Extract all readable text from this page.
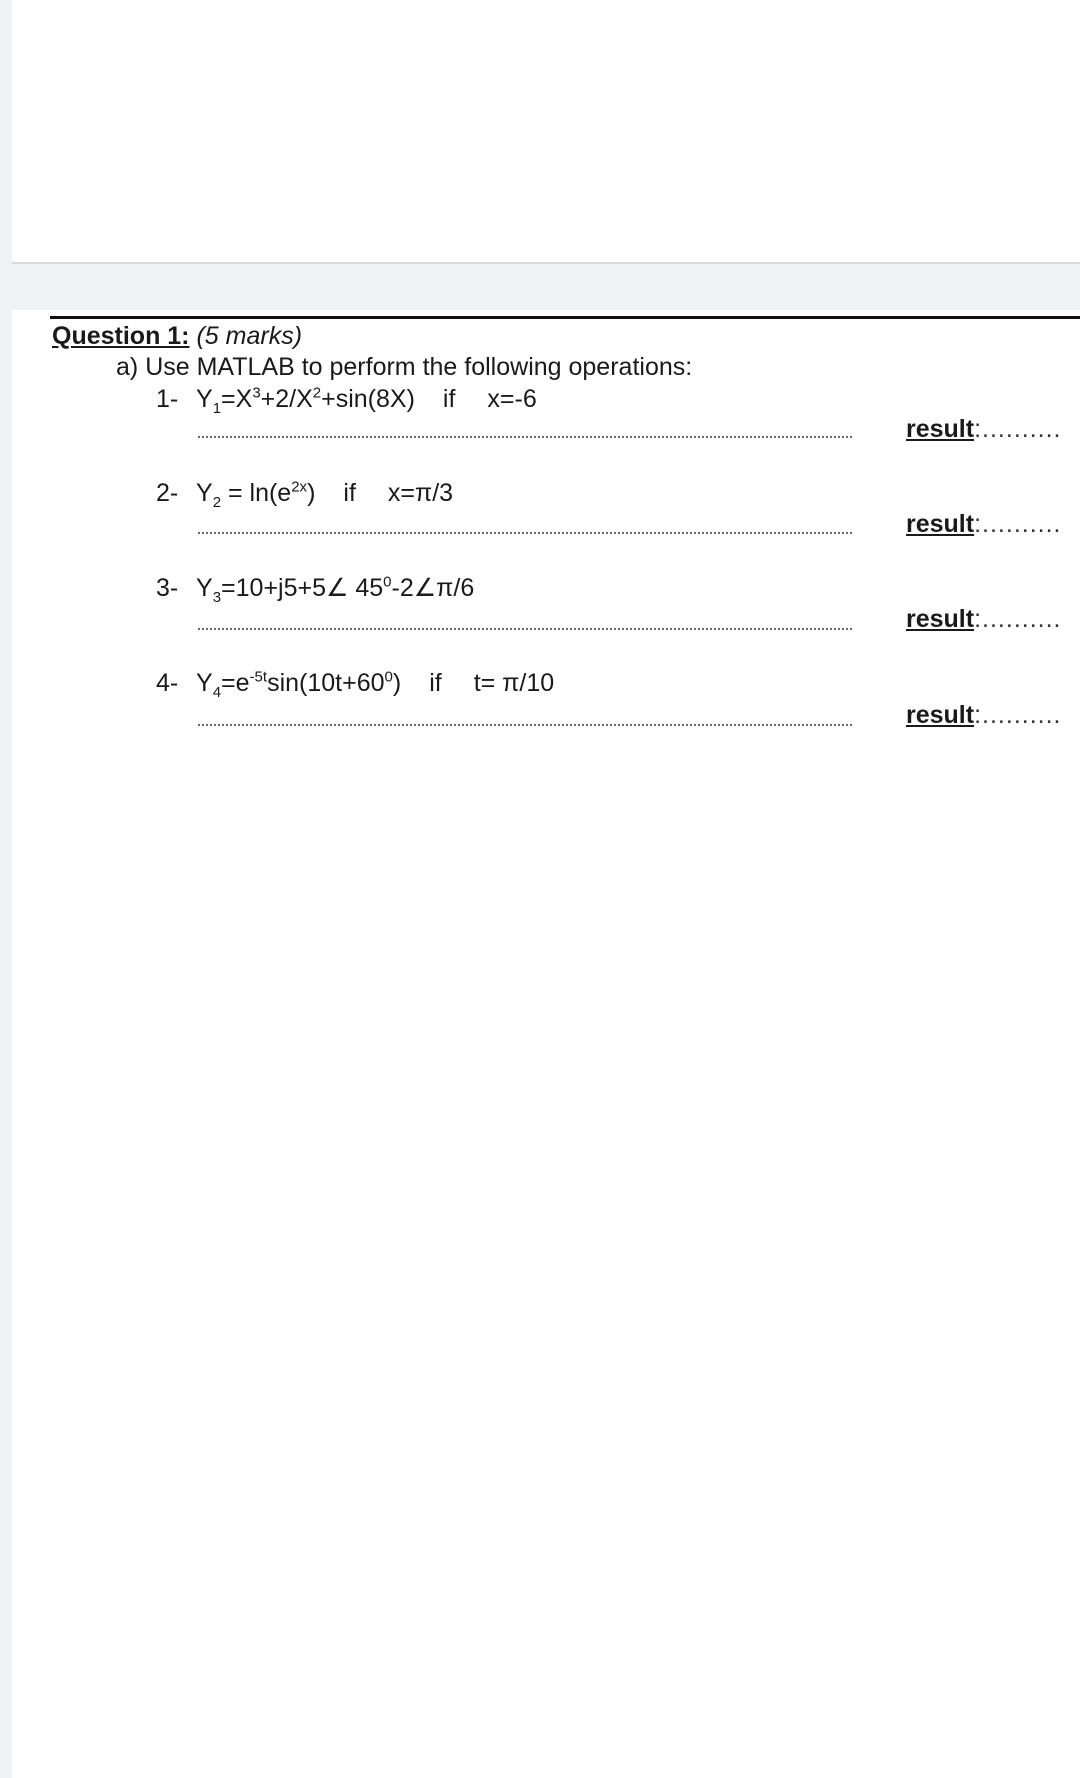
Question 1: (5 marks)
a) Use MATLAB to perform the following operations:
1- $Y_1=X^3+2/X^2+\sin(8X)$ if x=-6
result:..........
2- $Y_2 = \ln(e^{2x})$ if x=π/3
result:..........
3- $Y_3=10+j5+5\angle$ $45^0-2\angle\pi/6$
result:..........
4- $Y_4=e^{-5t}\sin(10t+60^0)$ if t= π/10
result:..........
